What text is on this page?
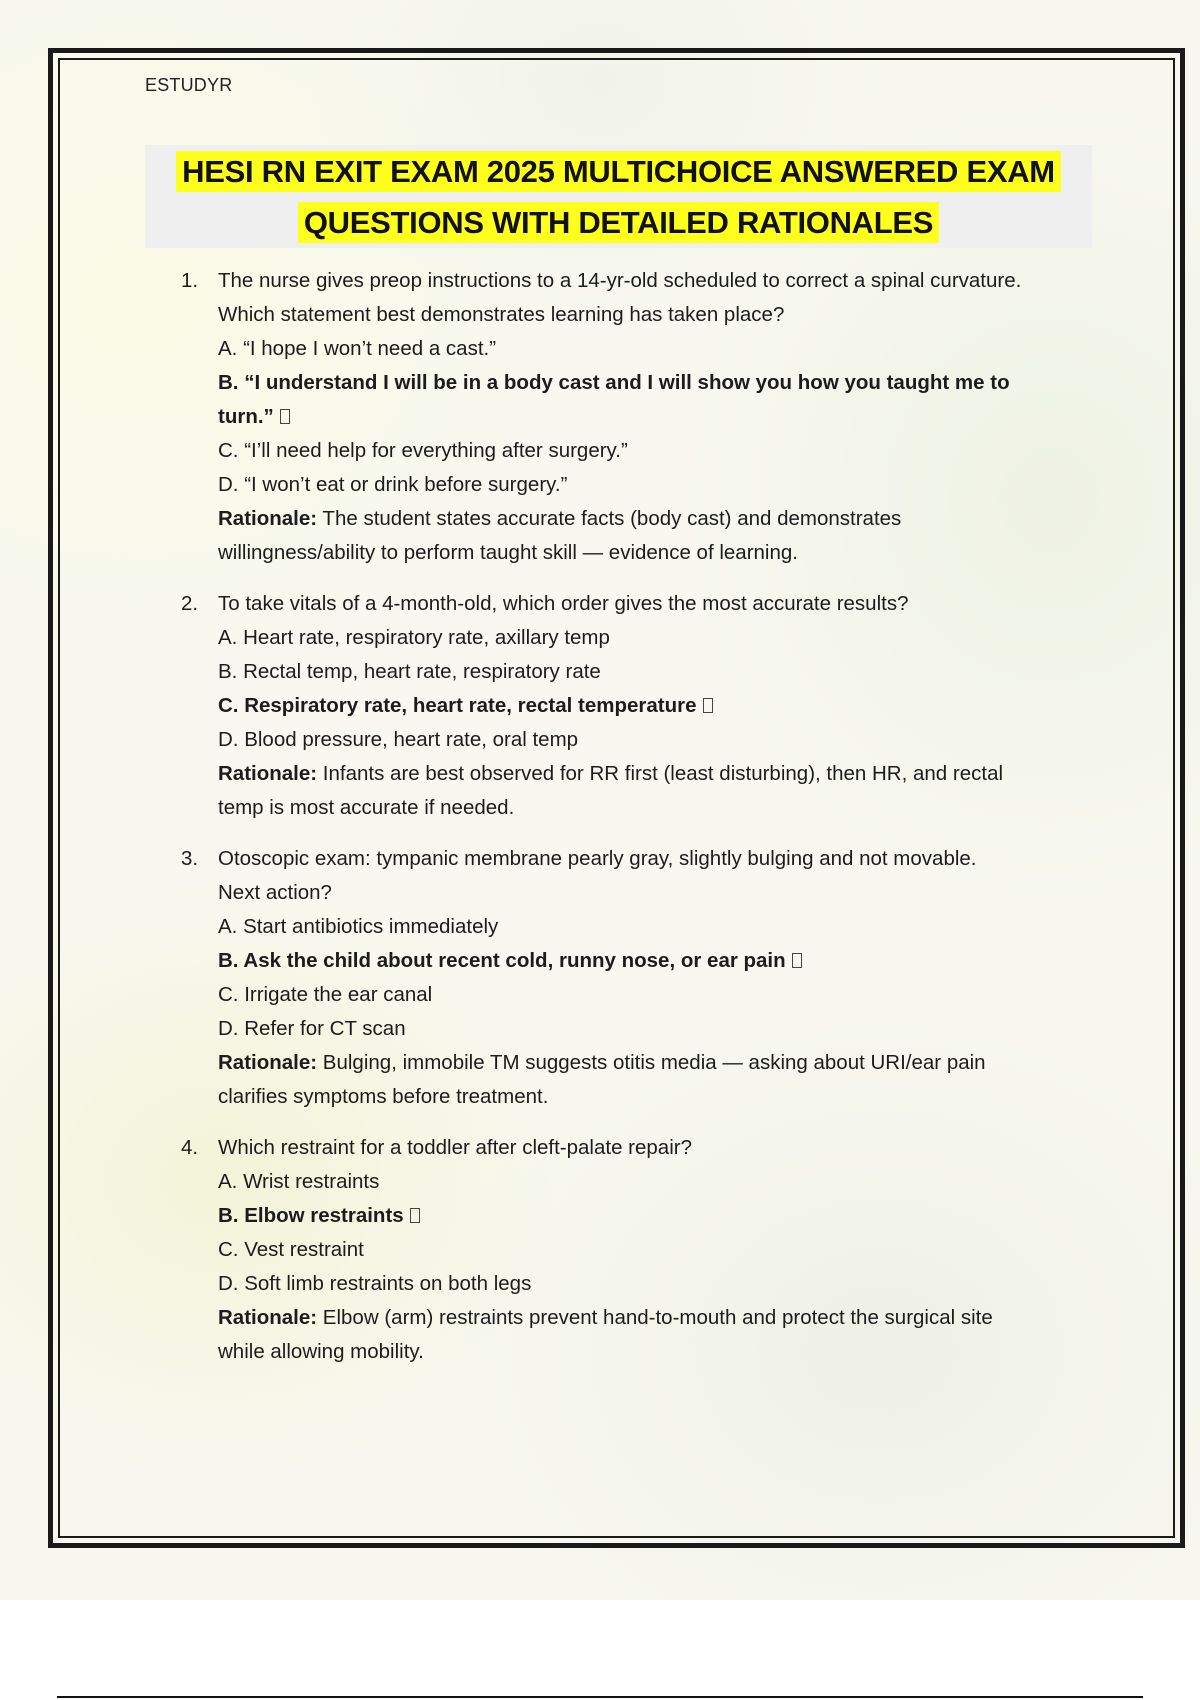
ESTUDYR
HESI RN EXIT EXAM 2025 MULTICHOICE ANSWERED EXAM
QUESTIONS WITH DETAILED RATIONALES
1. The nurse gives preop instructions to a 14-yr-old scheduled to correct a spinal curvature.
Which statement best demonstrates learning has taken place?
A. “I hope I won’t need a cast.”
B. “I understand I will be in a body cast and I will show you how you taught me to
turn.”
C. “I’ll need help for everything after surgery.”
D. “I won’t eat or drink before surgery.”
Rationale: The student states accurate facts (body cast) and demonstrates
willingness/ability to perform taught skill — evidence of learning.
2. To take vitals of a 4-month-old, which order gives the most accurate results?
A. Heart rate, respiratory rate, axillary temp
B. Rectal temp, heart rate, respiratory rate
C. Respiratory rate, heart rate, rectal temperature
D. Blood pressure, heart rate, oral temp
Rationale: Infants are best observed for RR first (least disturbing), then HR, and rectal
temp is most accurate if needed.
3. Otoscopic exam: tympanic membrane pearly gray, slightly bulging and not movable.
Next action?
A. Start antibiotics immediately
B. Ask the child about recent cold, runny nose, or ear pain
C. Irrigate the ear canal
D. Refer for CT scan
Rationale: Bulging, immobile TM suggests otitis media — asking about URI/ear pain
clarifies symptoms before treatment.
4. Which restraint for a toddler after cleft-palate repair?
A. Wrist restraints
B. Elbow restraints
C. Vest restraint
D. Soft limb restraints on both legs
Rationale: Elbow (arm) restraints prevent hand-to-mouth and protect the surgical site
while allowing mobility.
